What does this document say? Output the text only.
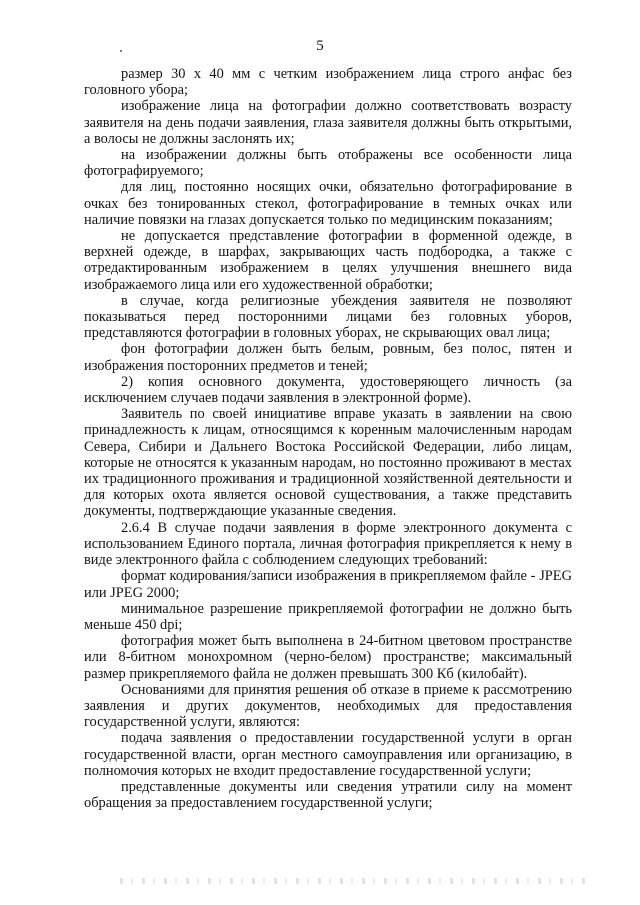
5

размер 30 х 40 мм с четким изображением лица строго анфас без головного убора;

изображение лица на фотографии должно соответствовать возрасту заявителя на день подачи заявления, глаза заявителя должны быть открытыми, а волосы не должны заслонять их;

на изображении должны быть отображены все особенности лица фотографируемого;

для лиц, постоянно носящих очки, обязательно фотографирование в очках без тонированных стекол, фотографирование в темных очках или наличие повязки на глазах допускается только по медицинским показаниям;

не допускается представление фотографии в форменной одежде, в верхней одежде, в шарфах, закрывающих часть подбородка, а также с отредактированным изображением в целях улучшения внешнего вида изображаемого лица или его художественной обработки;

в случае, когда религиозные убеждения заявителя не позволяют показываться перед посторонними лицами без головных уборов, представляются фотографии в головных уборах, не скрывающих овал лица;

фон фотографии должен быть белым, ровным, без полос, пятен и изображения посторонних предметов и теней;

2) копия основного документа, удостоверяющего личность (за исключением случаев подачи заявления в электронной форме).

Заявитель по своей инициативе вправе указать в заявлении на свою принадлежность к лицам, относящимся к коренным малочисленным народам Севера, Сибири и Дальнего Востока Российской Федерации, либо лицам, которые не относятся к указанным народам, но постоянно проживают в местах их традиционного проживания и традиционной хозяйственной деятельности и для которых охота является основой существования, а также представить документы, подтверждающие указанные сведения.

2.6.4 В случае подачи заявления в форме электронного документа с использованием Единого портала, личная фотография прикрепляется к нему в виде электронного файла с соблюдением следующих требований:

формат кодирования/записи изображения в прикрепляемом файле - JPEG или JPEG 2000;

минимальное разрешение прикрепляемой фотографии не должно быть меньше 450 dpi;

фотография может быть выполнена в 24-битном цветовом пространстве или 8-битном монохромном (черно-белом) пространстве; максимальный размер прикрепляемого файла не должен превышать 300 Кб (килобайт).

Основаниями для принятия решения об отказе в приеме к рассмотрению заявления и других документов, необходимых для предоставления государственной услуги, являются:

подача заявления о предоставлении государственной услуги в орган государственной власти, орган местного самоуправления или организацию, в полномочия которых не входит предоставление государственной услуги;

представленные документы или сведения утратили силу на момент обращения за предоставлением государственной услуги;
